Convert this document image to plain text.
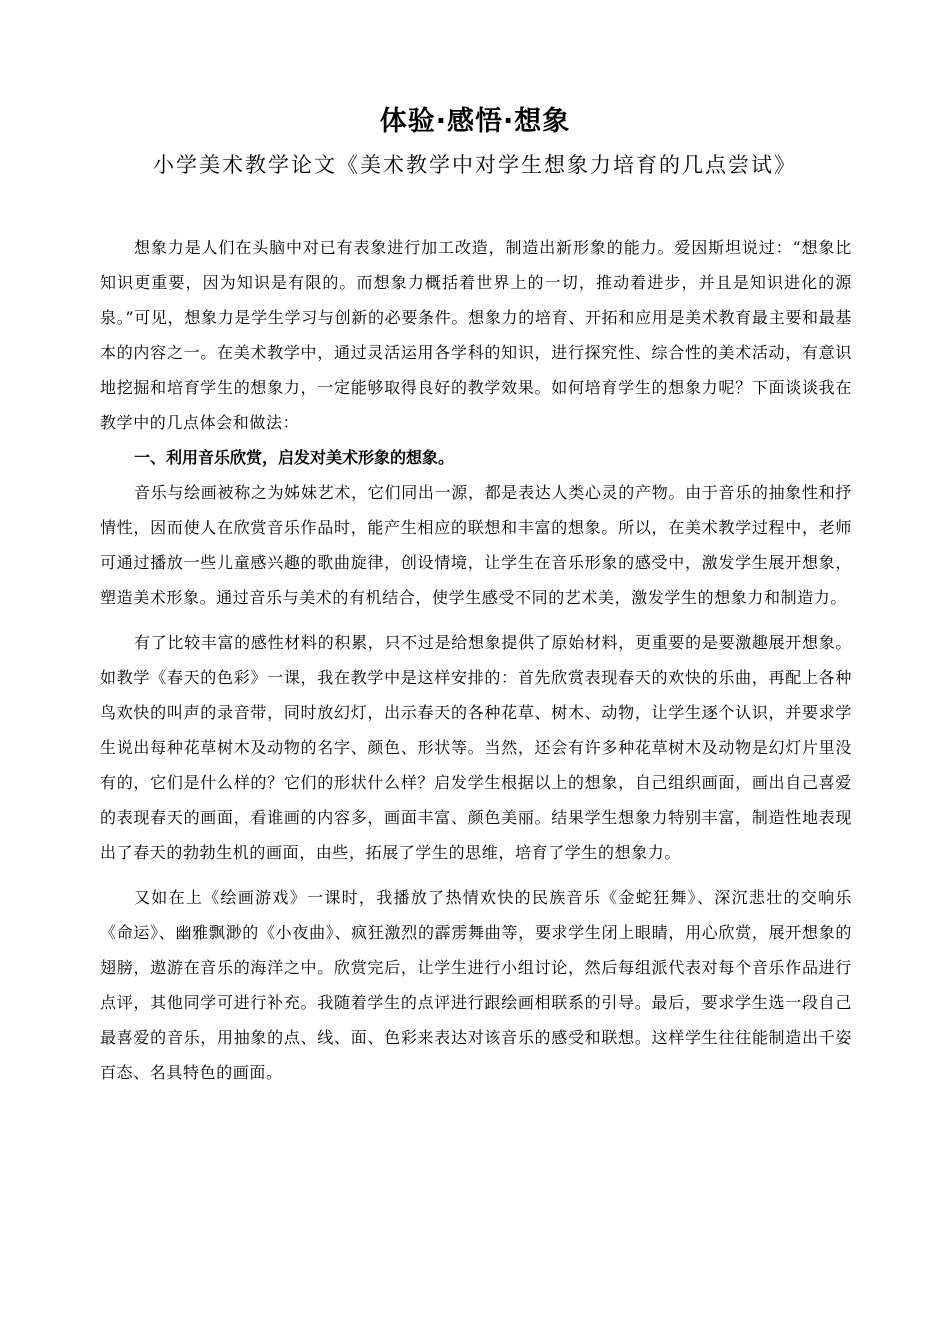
体验·感悟·想象
小学美术教学论文《美术教学中对学生想象力培育的几点尝试》

想象力是人们在头脑中对已有表象进行加工改造，制造出新形象的能力。爱因斯坦说过：“想象比知识更重要，因为知识是有限的。而想象力概括着世界上的一切，推动着进步，并且是知识进化的源泉。”可见，想象力是学生学习与创新的必要条件。想象力的培育、开拓和应用是美术教育最主要和最基本的内容之一。在美术教学中，通过灵活运用各学科的知识，进行探究性、综合性的美术活动，有意识地挖掘和培育学生的想象力，一定能够取得良好的教学效果。如何培育学生的想象力呢？下面谈谈我在教学中的几点体会和做法：

一、利用音乐欣赏，启发对美术形象的想象。

音乐与绘画被称之为姊妹艺术，它们同出一源，都是表达人类心灵的产物。由于音乐的抽象性和抒情性，因而使人在欣赏音乐作品时，能产生相应的联想和丰富的想象。所以，在美术教学过程中，老师可通过播放一些儿童感兴趣的歌曲旋律，创设情境，让学生在音乐形象的感受中，激发学生展开想象，塑造美术形象。通过音乐与美术的有机结合，使学生感受不同的艺术美，激发学生的想象力和制造力。

有了比较丰富的感性材料的积累，只不过是给想象提供了原始材料，更重要的是要激趣展开想象。如教学《春天的色彩》一课，我在教学中是这样安排的：首先欣赏表现春天的欢快的乐曲，再配上各种鸟欢快的叫声的录音带，同时放幻灯，出示春天的各种花草、树木、动物，让学生逐个认识，并要求学生说出每种花草树木及动物的名字、颜色、形状等。当然，还会有许多种花草树木及动物是幻灯片里没有的，它们是什么样的？它们的形状什么样？启发学生根据以上的想象，自己组织画面，画出自己喜爱的表现春天的画面，看谁画的内容多，画面丰富、颜色美丽。结果学生想象力特别丰富，制造性地表现出了春天的勃勃生机的画面，由些，拓展了学生的思维，培育了学生的想象力。

又如在上《绘画游戏》一课时，我播放了热情欢快的民族音乐《金蛇狂舞》、深沉悲壮的交响乐《命运》、幽雅飘渺的《小夜曲》、疯狂激烈的霹雳舞曲等，要求学生闭上眼睛，用心欣赏，展开想象的翅膀，遨游在音乐的海洋之中。欣赏完后，让学生进行小组讨论，然后每组派代表对每个音乐作品进行点评，其他同学可进行补充。我随着学生的点评进行跟绘画相联系的引导。最后，要求学生选一段自己最喜爱的音乐，用抽象的点、线、面、色彩来表达对该音乐的感受和联想。这样学生往往能制造出千姿百态、名具特色的画面。
